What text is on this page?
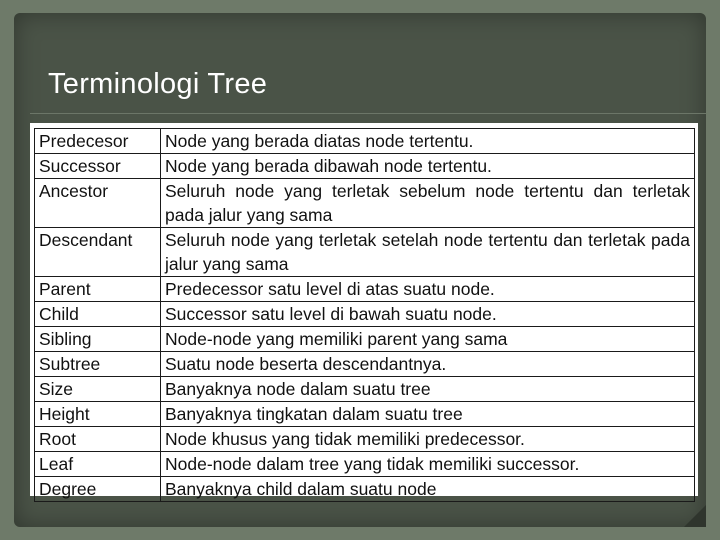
Terminologi Tree
Predecesor	Node yang berada diatas node tertentu.
Successor	Node yang berada dibawah node tertentu.
Ancestor	Seluruh node yang terletak sebelum node tertentu dan terletak pada jalur yang sama
Descendant	Seluruh node yang terletak setelah node tertentu dan terletak pada jalur yang sama
Parent	Predecessor satu level di atas suatu node.
Child	Successor satu level di bawah suatu node.
Sibling	Node-node yang memiliki parent yang sama
Subtree	Suatu node beserta descendantnya.
Size	Banyaknya node dalam suatu tree
Height	Banyaknya tingkatan dalam suatu tree
Root	Node khusus yang tidak memiliki predecessor.
Leaf	Node-node dalam tree yang tidak memiliki successor.
Degree	Banyaknya child dalam suatu node
